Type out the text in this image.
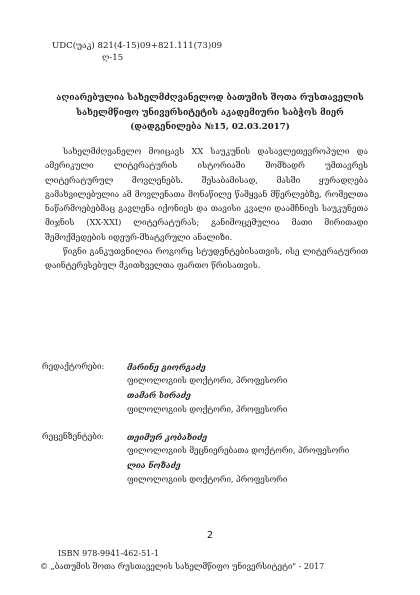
UDC(უაკ) 821(4-15)09+821.111(73)09
ღ-15
აღიარებულია სახელმძღვანელოდ ბათუმის შოთა რუსთაველის
სახელმწიფო უნივერსიტეტის აკადემიური საბჭოს მიერ
(დადგენილება №15, 02.03.2017)

სახელმძღვანელო მოიცავს XX საუკუნის დასავლეთევროპული და ამერიკული ლიტერატურის ისტორიაში შომხადრ უმთავრეს ლიტერატურულ მოვლენებს. შესაბამისად, მასში ყურადღება გამახვილებულია ამ მოვლენათა მონაწილე წამყვან მწერლებზე, რომელთა ნაწარმოებებმაც გავლენა იქონიეს და თავისი კვალი დაამჩნიეს საუკუნეთა მიჯნის (XX-XXI) ლიტერატურას; განიმოცემულია მათი მირითადი შემოქმედების იდეურ-მხატვრული ანალიზი.

წიგნი განკუთვნილია როგორც სტუდენტებისათვის, ისე ლიტერატურით დაინტერესებულ მკითხველთა ფართო წრისათვის.

რედაქტორები:	მარინე გიორგაძე
ფილოლოგიის დოქტორი, პროფესორი
თამარ სირაძე
ფილოლოგიის დოქტორი, პროფესორი
რეცენზენტები:	თეიმურ კობახიძე
ფილოლოგიის მეცნიერებათა დოქტორი, პროფესორი
ლია ნოზაძე
ფილოლოგიის დოქტორი, პროფესორი
ISBN 978-9941-462-51-1
© „ბათუმის შოთა რუსთაველის სახელმწიფო უნივერსიტეტი" - 2017
2
